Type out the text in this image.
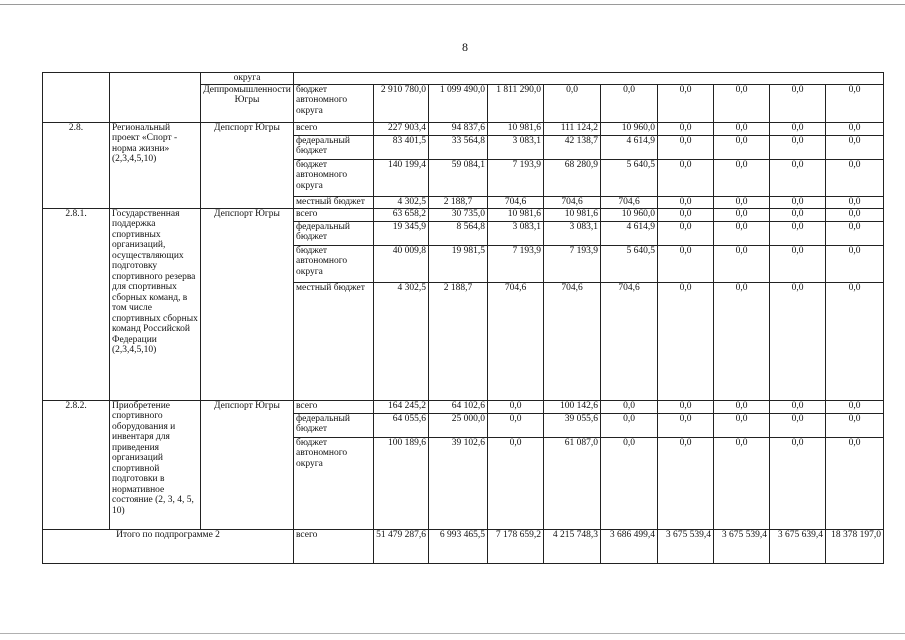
8
		округа										
		Деппромышленности Югры	бюджет автономного округа	2 910 780,0	1 099 490,0	1 811 290,0	0,0	0,0	0,0	0,0	0,0	0,0
2.8.	Региональный проект «Спорт - норма жизни» (2,3,4,5,10)	Депспорт Югры	всего	227 903,4	94 837,6	10 981,6	111 124,2	10 960,0	0,0	0,0	0,0	0,0
			федеральный бюджет	83 401,5	33 564,8	3 083,1	42 138,7	4 614,9	0,0	0,0	0,0	0,0
			бюджет автономного округа	140 199,4	59 084,1	7 193,9	68 280,9	5 640,5	0,0	0,0	0,0	0,0
			местный бюджет	4 302,5	2 188,7	704,6	704,6	704,6	0,0	0,0	0,0	0,0
2.8.1.	Государственная поддержка спортивных организаций, осуществляющих подготовку спортивного резерва для спортивных сборных команд, в том числе спортивных сборных команд Российской Федерации (2,3,4,5,10)	Депспорт Югры	всего	63 658,2	30 735,0	10 981,6	10 981,6	10 960,0	0,0	0,0	0,0	0,0
			федеральный бюджет	19 345,9	8 564,8	3 083,1	3 083,1	4 614,9	0,0	0,0	0,0	0,0
			бюджет автономного округа	40 009,8	19 981,5	7 193,9	7 193,9	5 640,5	0,0	0,0	0,0	0,0
			местный бюджет	4 302,5	2 188,7	704,6	704,6	704,6	0,0	0,0	0,0	0,0
2.8.2.	Приобретение спортивного оборудования и инвентаря для приведения организаций спортивной подготовки в нормативное состояние (2, 3, 4, 5, 10)	Депспорт Югры	всего	164 245,2	64 102,6	0,0	100 142,6	0,0	0,0	0,0	0,0	0,0
			федеральный бюджет	64 055,6	25 000,0	0,0	39 055,6	0,0	0,0	0,0	0,0	0,0
			бюджет автономного округа	100 189,6	39 102,6	0,0	61 087,0	0,0	0,0	0,0	0,0	0,0
Итого по подпрограмме 2			всего	51 479 287,6	6 993 465,5	7 178 659,2	4 215 748,3	3 686 499,4	3 675 539,4	3 675 539,4	3 675 639,4	18 378 197,0
